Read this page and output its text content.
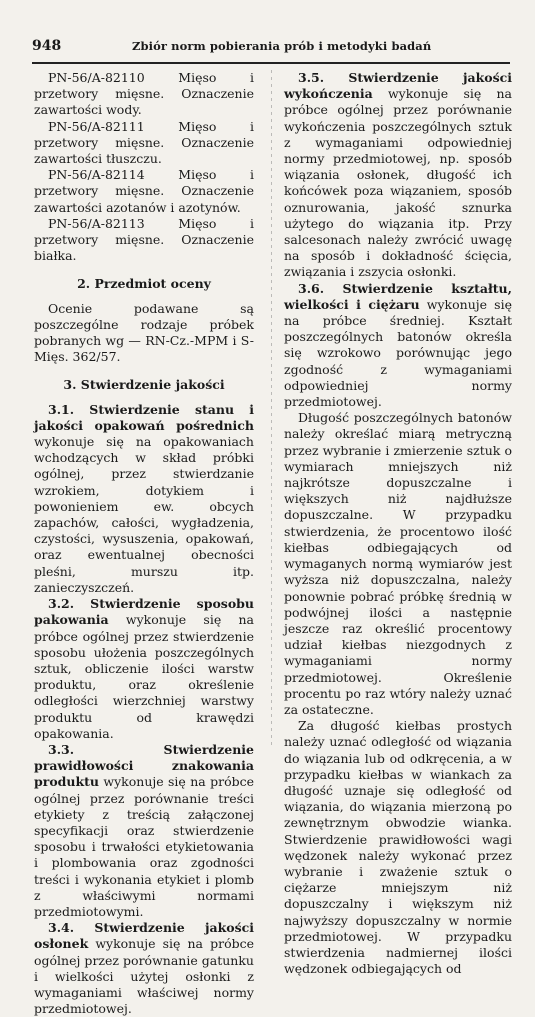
948	Zbiór norm pobierania prób i metodyki badań

PN-56/A-82110 Mięso i przetwory mięsne. Oznaczenie zawartości wody.

PN-56/A-82111 Mięso i przetwory mięsne. Oznaczenie zawartości tłuszczu.

PN-56/A-82114 Mięso i przetwory mięsne. Oznaczenie zawartości azotanów i azotynów.

PN-56/A-82113 Mięso i przetwory mięsne. Oznaczenie białka.

2. Przedmiot oceny

Ocenie podawane są poszczególne rodzaje próbek pobranych wg — RN-Cz.-MPM i S-Mięs. 362/57.

3. Stwierdzenie jakości

3.1. Stwierdzenie stanu i jakości opakowań pośrednich wykonuje się na opakowaniach wchodzących w skład próbki ogólnej, przez stwierdzanie wzrokiem, dotykiem i powonieniem ew. obcych zapachów, całości, wygładzenia, czystości, wysuszenia, opakowań, oraz ewentualnej obecności pleśni, murszu itp. zanieczyszczeń.

3.2. Stwierdzenie sposobu pakowania wykonuje się na próbce ogólnej przez stwierdzenie sposobu ułożenia poszczególnych sztuk, obliczenie ilości warstw produktu, oraz określenie odległości wierzchniej warstwy produktu od krawędzi opakowania.

3.3. Stwierdzenie prawidłowości znakowania produktu wykonuje się na próbce ogólnej przez porównanie treści etykiety z treścią załączonej specyfikacji oraz stwierdzenie sposobu i trwałości etykietowania i plombowania oraz zgodności treści i wykonania etykiet i plomb z właściwymi normami przedmiotowymi.

3.4. Stwierdzenie jakości osłonek wykonuje się na próbce ogólnej przez porównanie gatunku i wielkości użytej osłonki z wymaganiami właściwej normy przedmiotowej.

3.5. Stwierdzenie jakości wykończenia wykonuje się na próbce ogólnej przez porównanie wykończenia poszczególnych sztuk z wymaganiami odpowiedniej normy przedmiotowej, np. sposób wiązania osłonek, długość ich końcówek poza wiązaniem, sposób oznurowania, jakość sznurka użytego do wiązania itp. Przy salcesonach należy zwrócić uwagę na sposób i dokładność ścięcia, związania i zszycia osłonki.

3.6. Stwierdzenie kształtu, wielkości i ciężaru wykonuje się na próbce średniej. Kształt poszczególnych batonów określa się wzrokowo porównując jego zgodność z wymaganiami odpowiedniej normy przedmiotowej.

Długość poszczególnych batonów należy określać miarą metryczną przez wybranie i zmierzenie sztuk o wymiarach mniejszych niż najkrótsze dopuszczalne i większych niż najdłuższe dopuszczalne. W przypadku stwierdzenia, że procentowo ilość kiełbas odbiegających od wymaganych normą wymiarów jest wyższa niż dopuszczalna, należy ponownie pobrać próbkę średnią w podwójnej ilości a następnie jeszcze raz określić procentowy udział kiełbas niezgodnych z wymaganiami normy przedmiotowej. Określenie procentu po raz wtóry należy uznać za ostateczne.

Za długość kiełbas prostych należy uznać odległość od wiązania do wiązania lub od odkręcenia, a w przypadku kiełbas w wiankach za długość uznaje się odległość od wiązania, do wiązania mierzoną po zewnętrznym obwodzie wianka. Stwierdzenie prawidłowości wagi wędzonek należy wykonać przez wybranie i zważenie sztuk o ciężarze mniejszym niż dopuszczalny i większym niż najwyższy dopuszczalny w normie przedmiotowej. W przypadku stwierdzenia nadmiernej ilości wędzonek odbiegających od
